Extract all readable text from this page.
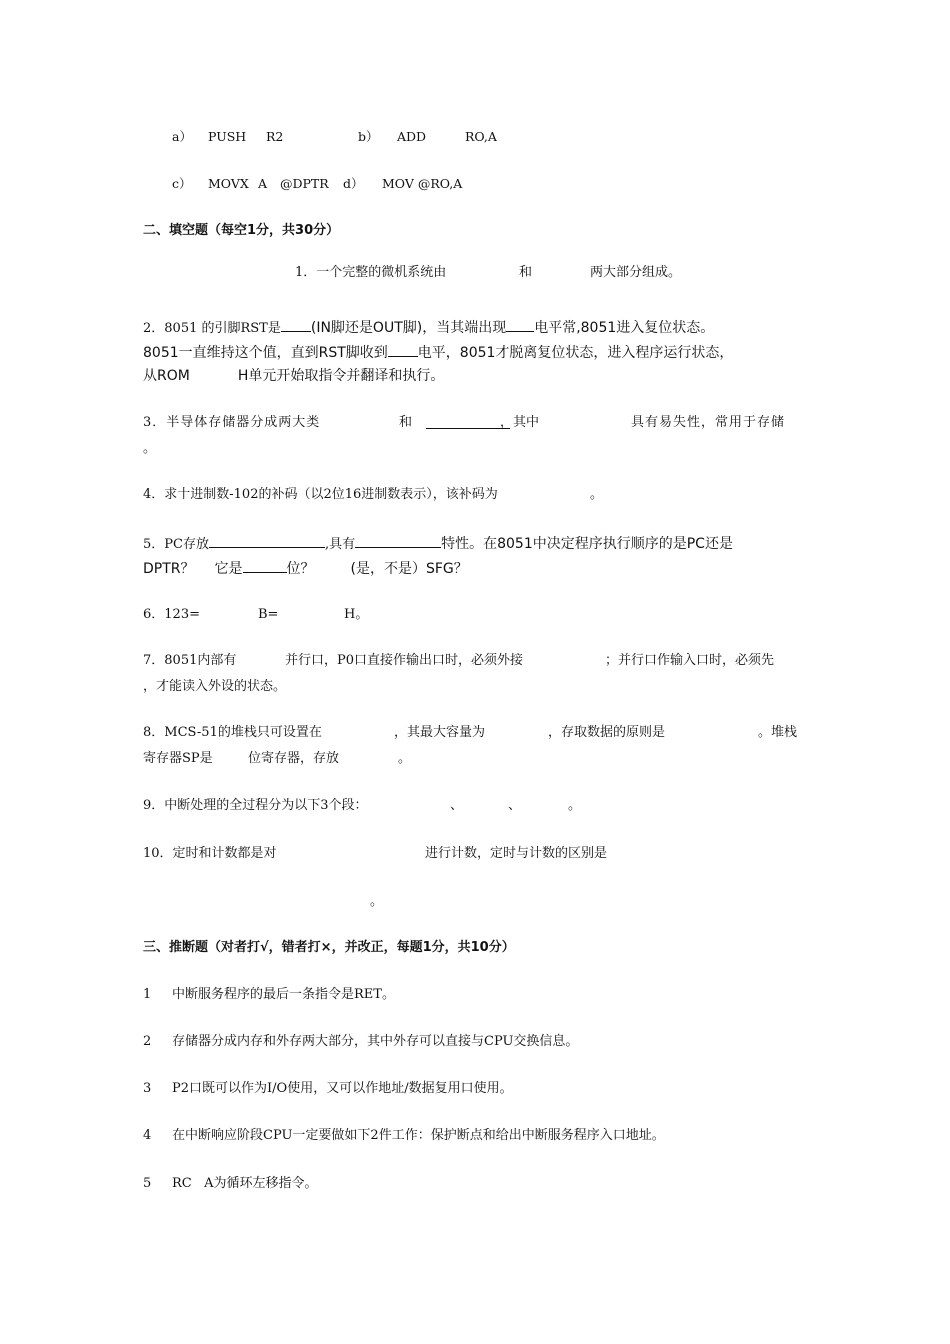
a） PUSH R2	b） ADD	RO,A
c） MOVX A @DPTR d） MOV @RO,A
二、填空题（每空1分，共30分）
1．一个完整的微机系统由	和	两大部分组成。
2．8051 的引脚RST是 (IN脚还是OUT脚)，当其端出现 电平常,8051进入复位状态。
8051一直维持这个值，直到RST脚收到 电平，8051才脱离复位状态，进入程序运行状态，
从ROM	H单元开始取指令并翻译和执行。
3．半导体存储器分成两大类	和	，其中	具有易失性，常用于存储
。
4．求十进制数-102的补码（以2位16进制数表示），该补码为	。
5．PC存放	,具有	特性。在8051中决定程序执行顺序的是PC还是
DPTR？ 它是	位？	(是，不是）SFG？
6．123=	B=	H。
7．8051内部有	并行口，P0口直接作输出口时，必须外接	；并行口作输入口时，必须先
，才能读入外设的状态。
8．MCS-51的堆栈只可设置在	，其最大容量为	，存取数据的原则是	。堆栈
寄存器SP是	位寄存器，存放	。
9．中断处理的全过程分为以下3个段：	、	、	。
10．定时和计数都是对	进行计数，定时与计数的区别是
。
三、推断题（对者打√，错者打×，并改正，每题1分，共10分）
1 中断服务程序的最后一条指令是RET。
2 存储器分成内存和外存两大部分，其中外存可以直接与CPU交换信息。
3 P2口既可以作为I/O使用，又可以作地址/数据复用口使用。
4 在中断响应阶段CPU一定要做如下2件工作：保护断点和给出中断服务程序入口地址。
5 RC   A为循环左移指令。
